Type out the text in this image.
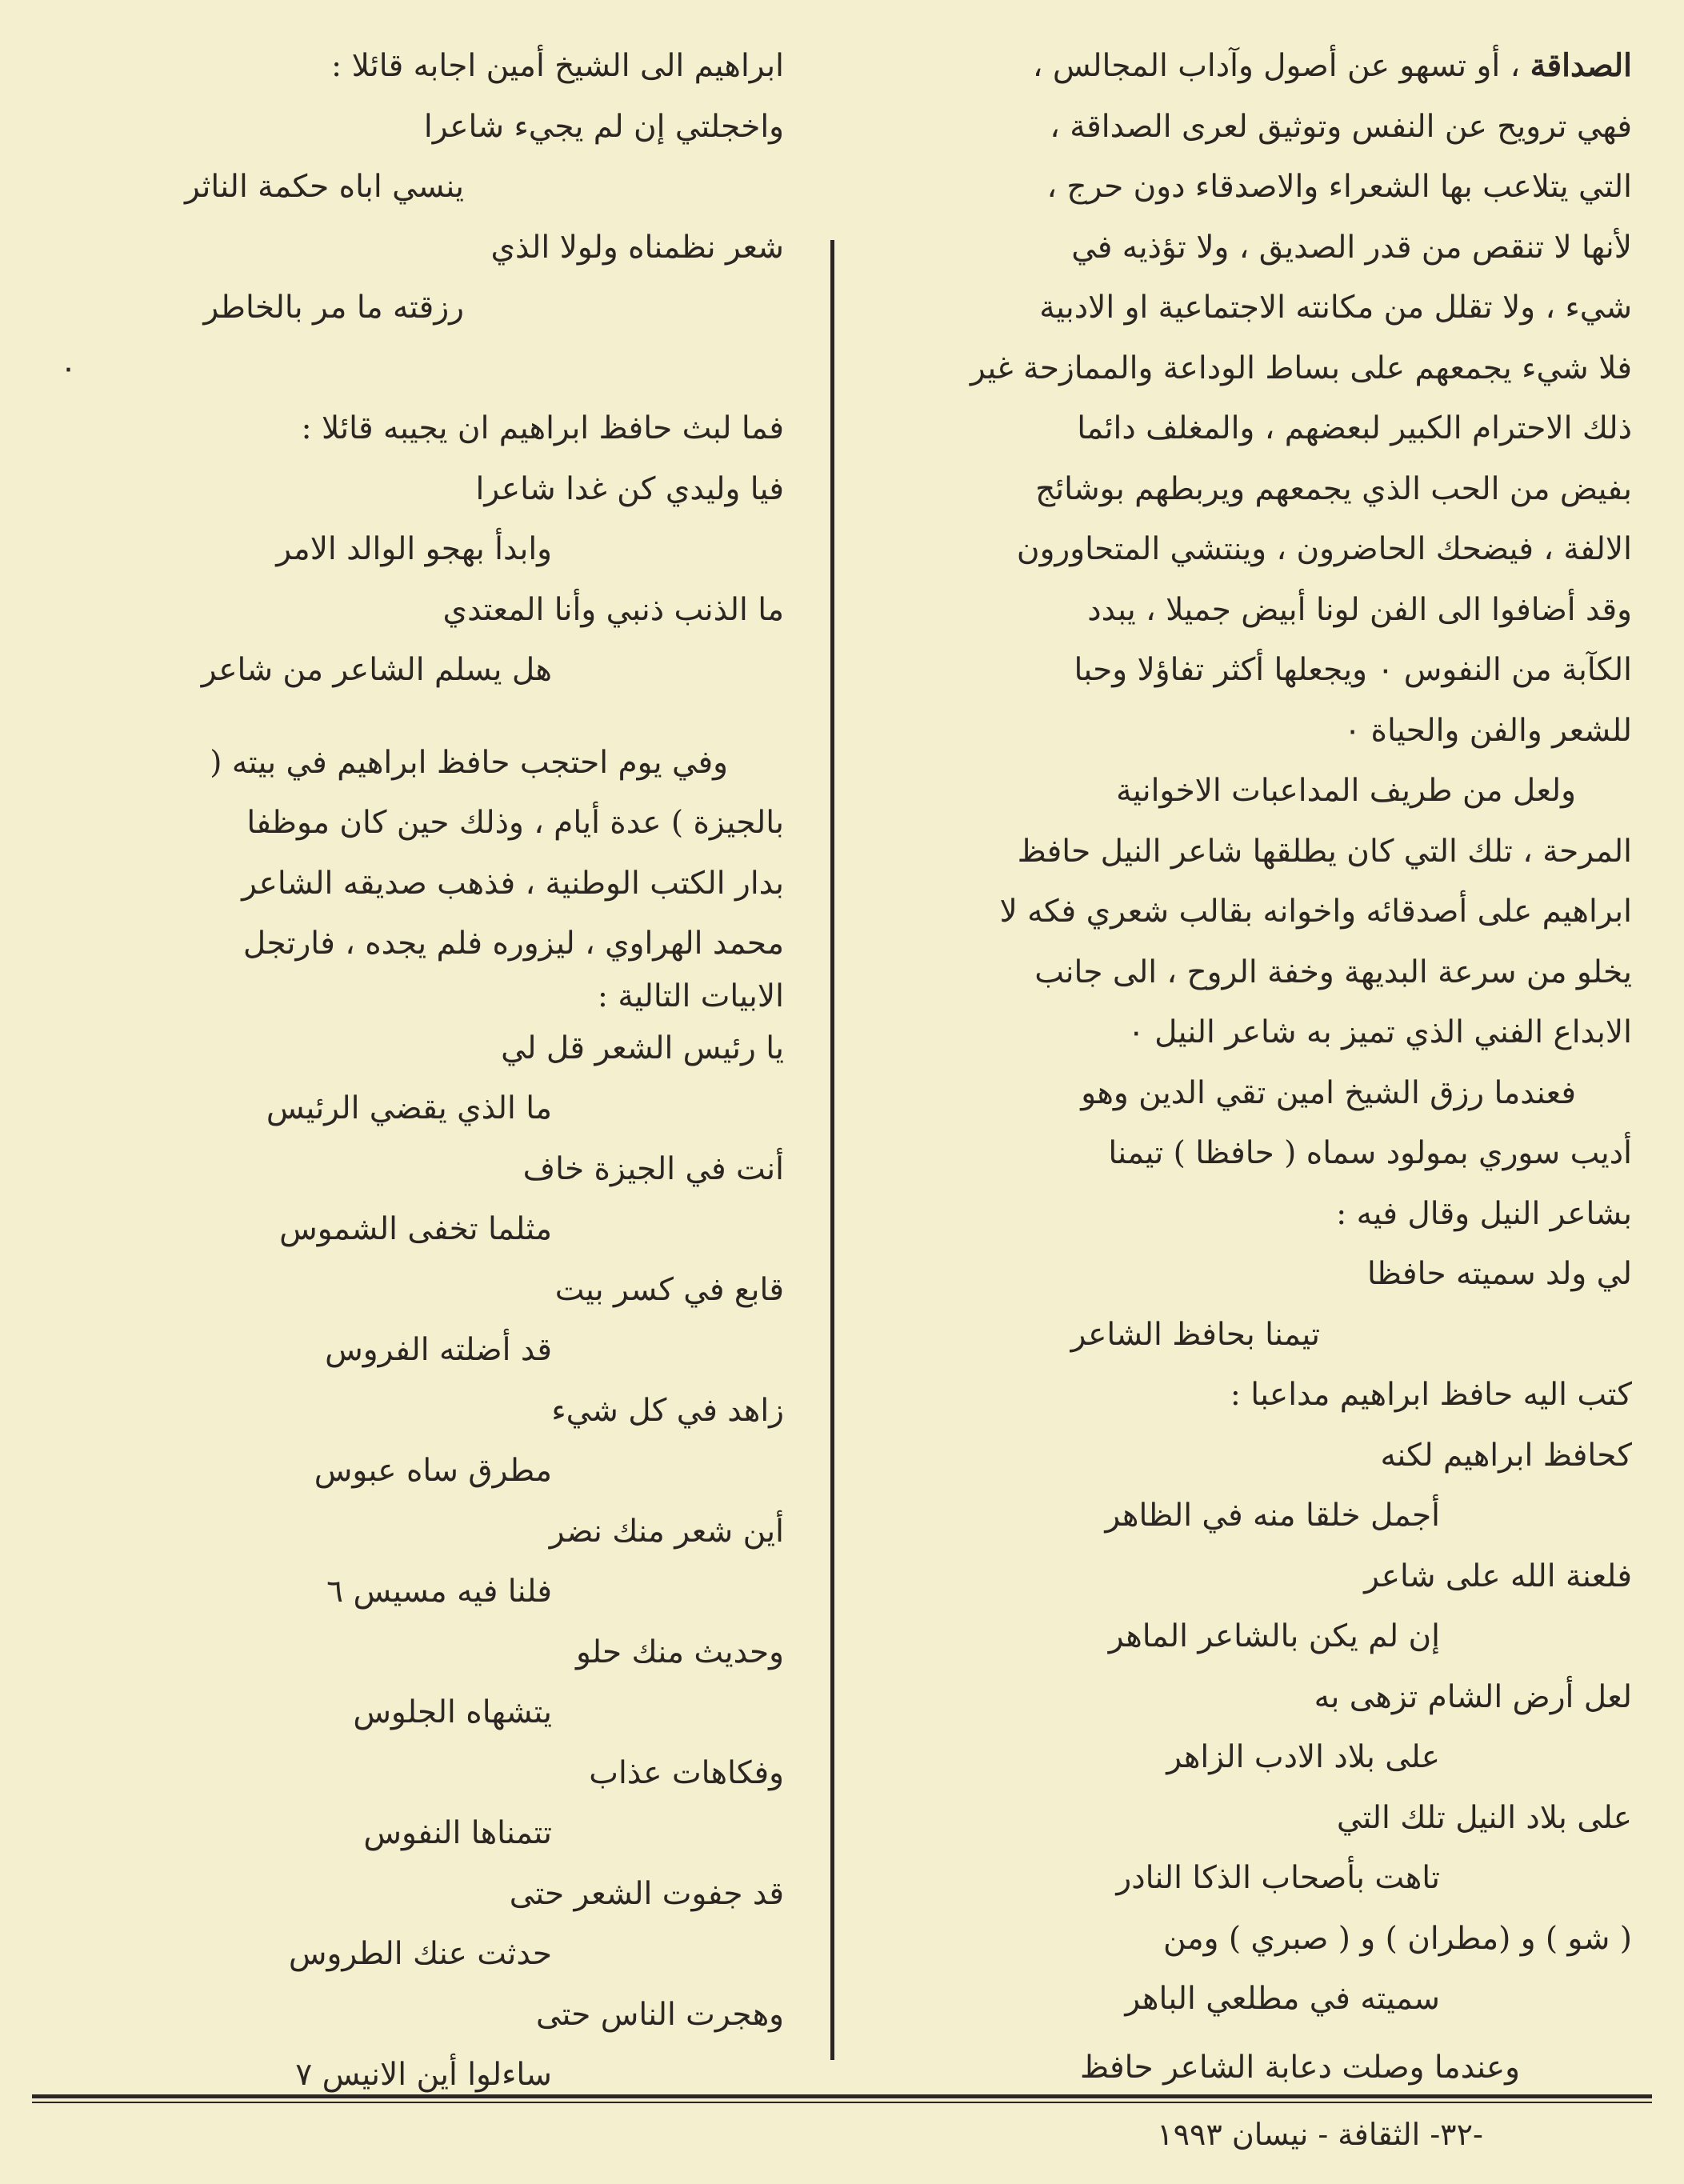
الصداقة ، أو تسهو عن أصول وآداب المجالس ،
فهي ترويح عن النفس وتوثيق لعرى الصداقة ،
التي يتلاعب بها الشعراء والاصدقاء دون حرج ،
لأنها لا تنقص من قدر الصديق ، ولا تؤذيه في
شيء ، ولا تقلل من مكانته الاجتماعية او الادبية
فلا شيء يجمعهم على بساط الوداعة والممازحة غير
ذلك الاحترام الكبير لبعضهم ، والمغلف دائما
بفيض من الحب الذي يجمعهم ويربطهم بوشائج
الالفة ، فيضحك الحاضرون ، وينتشي المتحاورون
وقد أضافوا الى الفن لونا أبيض جميلا ، يبدد
الكآبة من النفوس ٠ ويجعلها أكثر تفاؤلا وحبا
للشعر والفن والحياة ٠
ولعل من طريف المداعبات الاخوانية
المرحة ، تلك التي كان يطلقها شاعر النيل حافظ
ابراهيم على أصدقائه واخوانه بقالب شعري فكه لا
يخلو من سرعة البديهة وخفة الروح ، الى جانب
الابداع الفني الذي تميز به شاعر النيل ٠
فعندما رزق الشيخ امين تقي الدين وهو
أديب سوري بمولود سماه ( حافظا ) تيمنا
بشاعر النيل وقال فيه :
لي ولد سميته حافظا
تيمنا بحافظ الشاعر
كتب اليه حافظ ابراهيم مداعبا :
كحافظ ابراهيم لكنه
أجمل خلقا منه في الظاهر
فلعنة الله على شاعر
إن لم يكن بالشاعر الماهر
لعل أرض الشام تزهى به
على بلاد الادب الزاهر
على بلاد النيل تلك التي
تاهت بأصحاب الذكا النادر
( شو ) و (مطران ) و ( صبري ) ومن
سميته في مطلعي الباهر
وعندما وصلت دعابة الشاعر حافظ
ابراهيم الى الشيخ أمين اجابه قائلا :
واخجلتي إن لم يجيء شاعرا
ينسي اباه حكمة الناثر
شعر نظمناه ولولا الذي
رزقته ما مر بالخاطر
٠
فما لبث حافظ ابراهيم ان يجيبه قائلا :
فيا وليدي كن غدا شاعرا
وابدأ بهجو الوالد الامر
ما الذنب ذنبي وأنا المعتدي
هل يسلم الشاعر من شاعر
وفي يوم احتجب حافظ ابراهيم في بيته (
بالجيزة ) عدة أيام ، وذلك حين كان موظفا
بدار الكتب الوطنية ، فذهب صديقه الشاعر
محمد الهراوي ، ليزوره فلم يجده ، فارتجل
الابيات التالية :
يا رئيس الشعر قل لي
ما الذي يقضي الرئيس
أنت في الجيزة خاف
مثلما تخفى الشموس
قابع في كسر بيت
قد أضلته الفروس
زاهد في كل شيء
مطرق ساه عبوس
أين شعر منك نضر
فلنا فيه مسيس ٦
وحديث منك حلو
يتشهاه الجلوس
وفكاهات عذاب
تتمناها النفوس
قد جفوت الشعر حتى
حدثت عنك الطروس
وهجرت الناس حتى
ساءلوا أين الانيس ٧
-٣٢- الثقافة - نيسان ١٩٩٣
